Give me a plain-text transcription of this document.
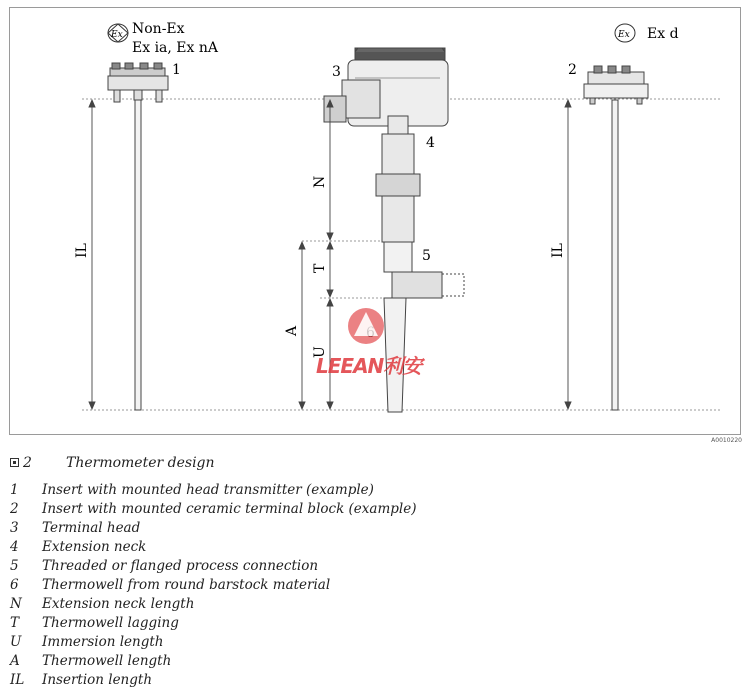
Ex	Ex
Non-Ex
Ex ia, Ex nA
Ex d
1	3	2
4
5
IL	IL
N
T
A
U
LEEAN利安
A0010220
2 Thermometer design
1 Insert with mounted head transmitter (example)
2 Insert with mounted ceramic terminal block (example)
3 Terminal head
4 Extension neck
5 Threaded or flanged process connection
6 Thermowell from round barstock material
N Extension neck length
T Thermowell lagging
U Immersion length
A Thermowell length
IL Insertion length
